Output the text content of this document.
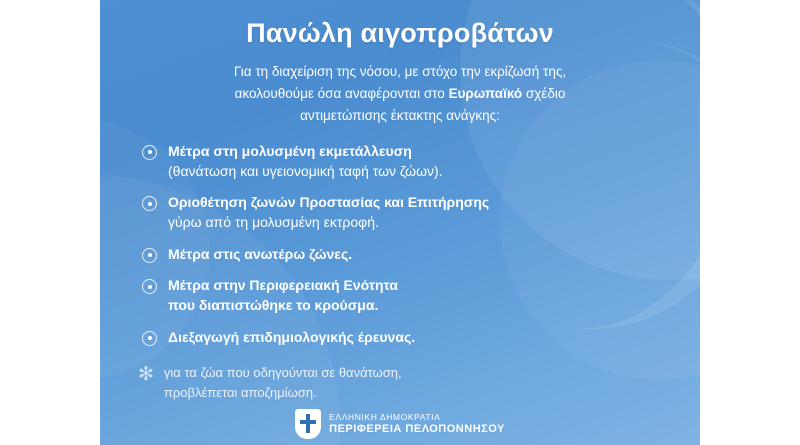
Πανώλη αιγοπροβάτων
Για τη διαχείριση της νόσου, με στόχο την εκρίζωσή της,
ακολουθούμε όσα αναφέρονται στο Ευρωπαϊκό σχέδιο
αντιμετώπισης έκτακτης ανάγκης:
Μέτρα στη μολυσμένη εκμετάλλευση
(θανάτωση και υγειονομική ταφή των ζώων).
Οριοθέτηση ζωνών Προστασίας και Επιτήρησης
γύρω από τη μολυσμένη εκτροφή.
Μέτρα στις ανωτέρω ζώνες.
Μέτρα στην Περιφερειακή Ενότητα
που διαπιστώθηκε το κρούσμα.
Διεξαγωγή επιδημιολογικής έρευνας.
✻ για τα ζώα που οδηγούνται σε θανάτωση,
προβλέπεται αποζημίωση.
ΕΛΛΗΝΙΚΗ ΔΗΜΟΚΡΑΤΙΑ
ΠΕΡΙΦΕΡΕΙΑ ΠΕΛΟΠΟΝΝΗΣΟΥ
